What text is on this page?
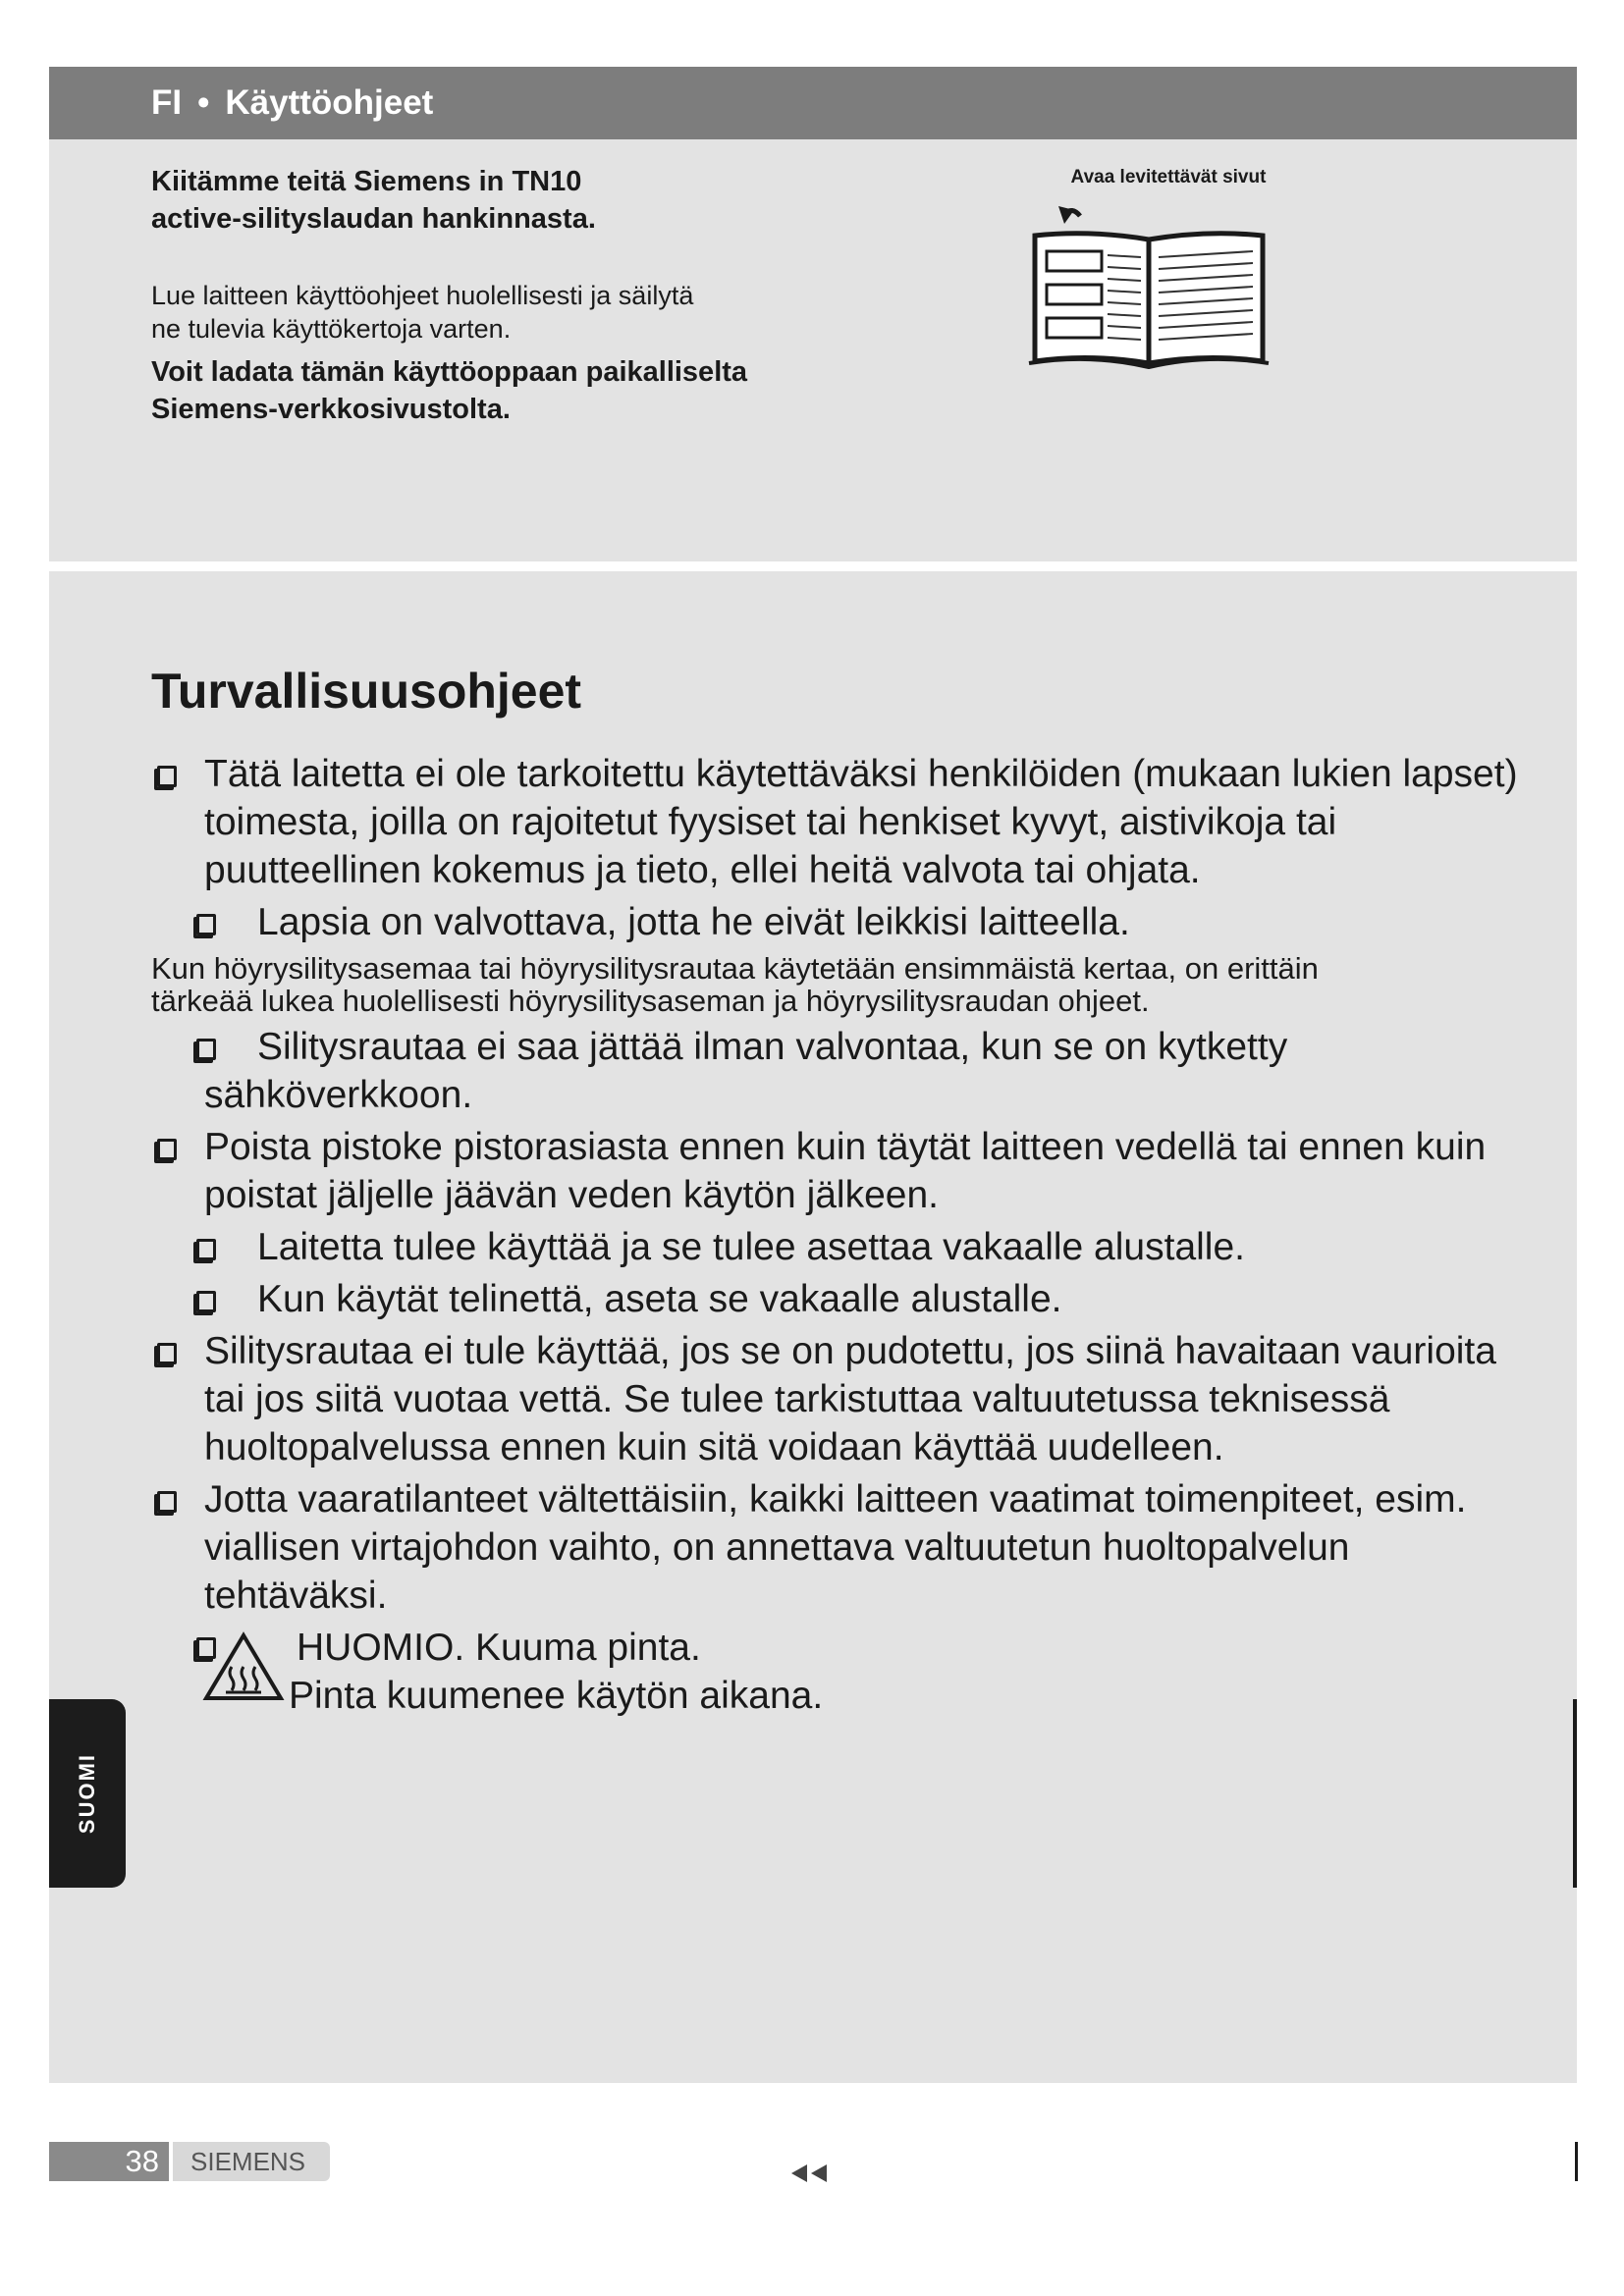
FI • Käyttöohjeet

Kiitämme teitä Siemens in TN10
active-silityslaudan hankinnasta.

Lue laitteen käyttöohjeet huolellisesti ja säilytä
ne tulevia käyttökertoja varten.

Voit ladata tämän käyttöoppaan paikalliselta
Siemens-verkkosivustolta.

Avaa levitettävät sivut
Turvallisuusohjeet
Tätä laitetta ei ole tarkoitettu käytettäväksi henkilöiden (mukaan lukien lapset) toimesta, joilla on rajoitetut fyysiset tai henkiset kyvyt, aistivikoja tai puutteellinen kokemus ja tieto, ellei heitä valvota tai ohjata.
Lapsia on valvottava, jotta he eivät leikkisi laitteella.
Kun höyrysilitysasemaa tai höyrysilitysrautaa käytetään ensimmäistä kertaa, on erittäin
tärkeää lukea huolellisesti höyrysilitysaseman ja höyrysilitysraudan ohjeet.
Silitysrautaa ei saa jättää ilman valvontaa, kun se on kytketty sähköverkkoon.
Poista pistoke pistorasiasta ennen kuin täytät laitteen vedellä tai ennen kuin poistat jäljelle jäävän veden käytön jälkeen.
Laitetta tulee käyttää ja se tulee asettaa vakaalle alustalle.
Kun käytät telinettä, aseta se vakaalle alustalle.
Silitysrautaa ei tule käyttää, jos se on pudotettu, jos siinä havaitaan vaurioita tai jos siitä vuotaa vettä. Se tulee tarkistuttaa valtuutetussa teknisessä huoltopalvelussa ennen kuin sitä voidaan käyttää uudelleen.
Jotta vaaratilanteet vältettäisiin, kaikki laitteen vaatimat toimenpiteet, esim. viallisen virtajohdon vaihto, on annettava valtuutetun huoltopalvelun tehtäväksi.
HUOMIO. Kuuma pinta.
Pinta kuumenee käytön aikana.
SUOMI
38	SIEMENS
